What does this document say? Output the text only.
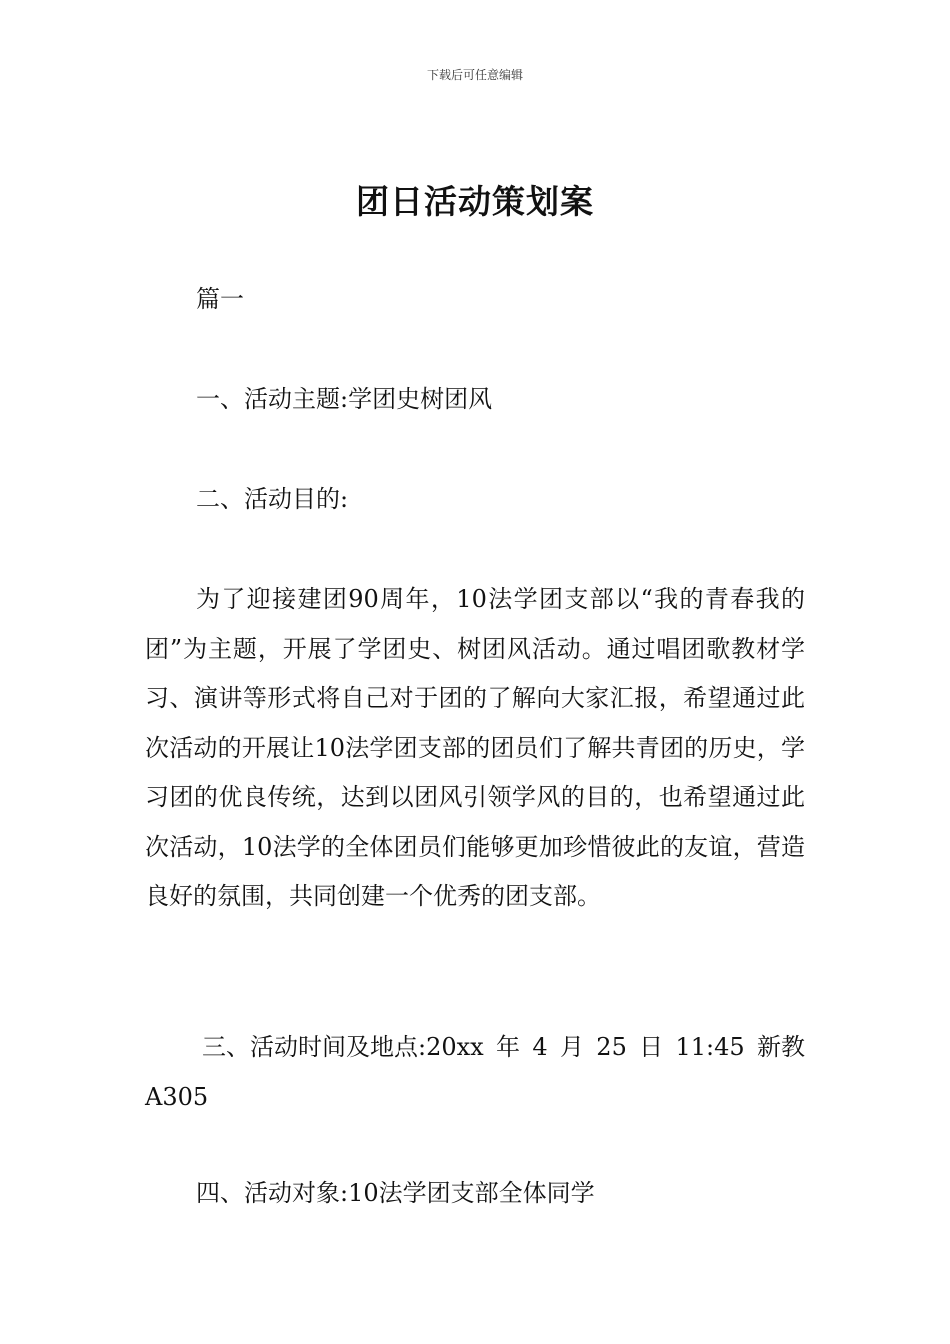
下载后可任意编辑
团日活动策划案
篇一
一、活动主题:学团史树团风
二、活动目的:
为了迎接建团90周年，10法学团支部以“我的青春我的团”为主题，开展了学团史、树团风活动。通过唱团歌教材学习、演讲等形式将自己对于团的了解向大家汇报，希望通过此次活动的开展让10法学团支部的团员们了解共青团的历史，学习团的优良传统，达到以团风引领学风的目的，也希望通过此次活动，10法学的全体团员们能够更加珍惜彼此的友谊，营造良好的氛围，共同创建一个优秀的团支部。
三、活动时间及地点:20xx 年 4 月 25 日 11:45 新教
A305
四、活动对象:10法学团支部全体同学
